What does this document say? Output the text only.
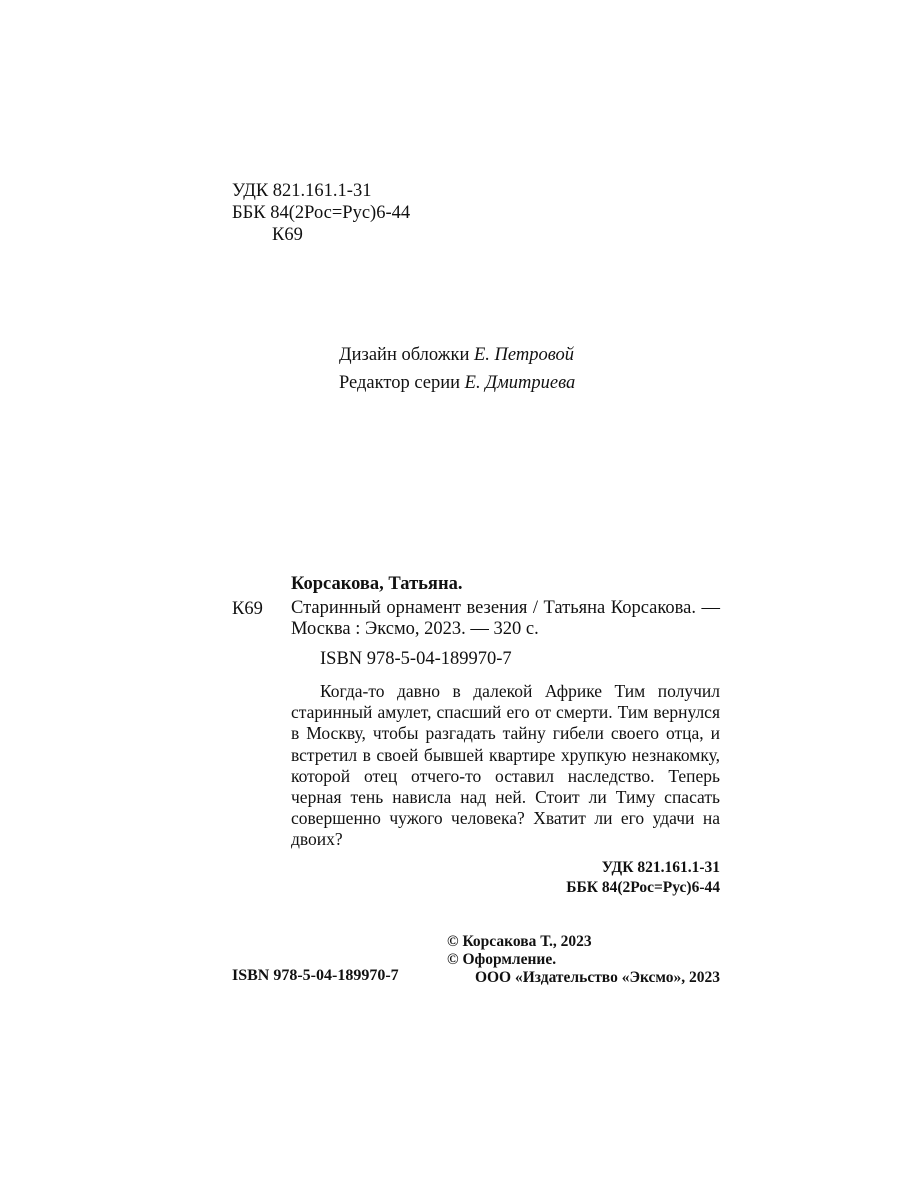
УДК 821.161.1-31
ББК 84(2Рос=Рус)6-44
К69
Дизайн обложки Е. Петровой
Редактор серии Е. Дмитриева
Корсакова, Татьяна.
К69 Старинный орнамент везения / Татьяна Корсакова. — Москва : Эксмо, 2023. — 320 с.

ISBN 978-5-04-189970-7

Когда-то давно в далекой Африке Тим получил старинный амулет, спасший его от смерти. Тим вернулся в Москву, чтобы разгадать тайну гибели своего отца, и встретил в своей бывшей квартире хрупкую незнакомку, которой отец отчего-то оставил наследство. Теперь черная тень нависла над ней. Стоит ли Тиму спасать совершенно чужого человека? Хватит ли его удачи на двоих?

УДК 821.161.1-31
ББК 84(2Рос=Рус)6-44
© Корсакова Т., 2023
© Оформление.
ООО «Издательство «Эксмо», 2023
ISBN 978-5-04-189970-7
